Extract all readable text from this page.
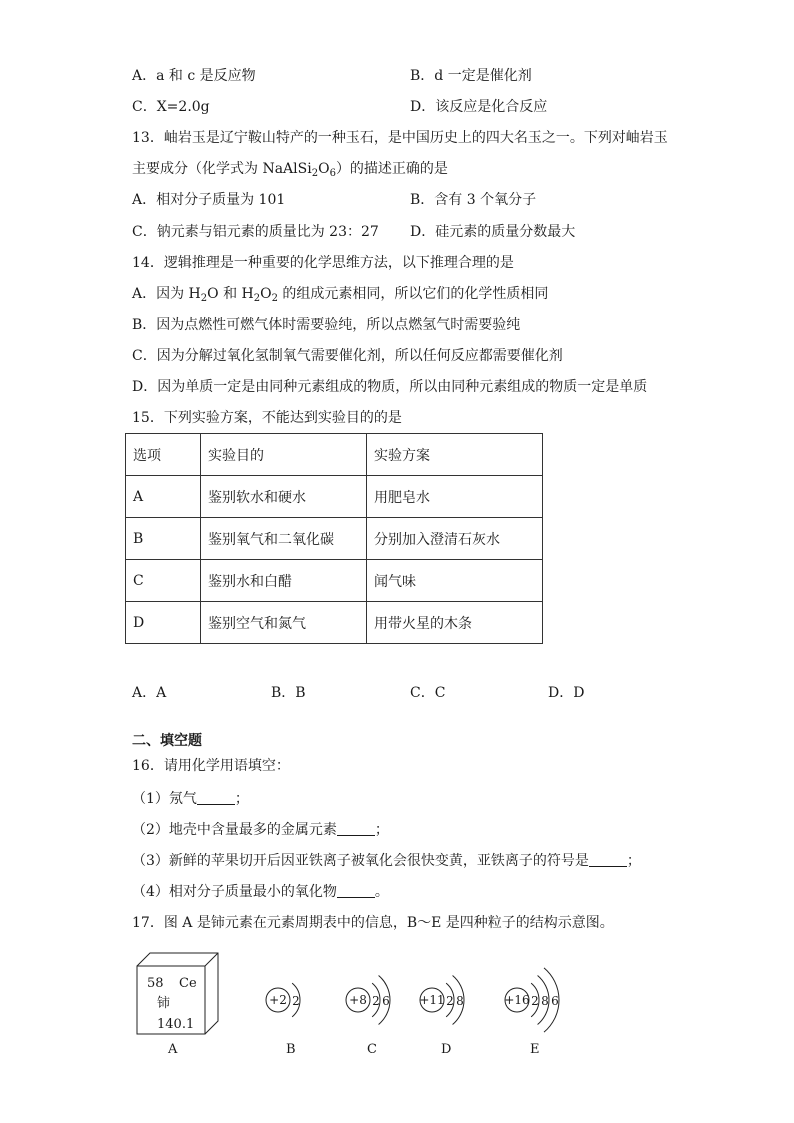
A．a 和 c 是反应物	B．d 一定是催化剂
C．X=2.0g	D．该反应是化合反应
13．岫岩玉是辽宁鞍山特产的一种玉石，是中国历史上的四大名玉之一。下列对岫岩玉
主要成分（化学式为 $NaAlSi_2O_6$）的描述正确的是
A．相对分子质量为 101	B．含有 3 个氧分子
C．钠元素与铝元素的质量比为 23：27 D．硅元素的质量分数最大
14．逻辑推理是一种重要的化学思维方法，以下推理合理的是
A．因为 $H_2O$ 和 $H_2O_2$ 的组成元素相同，所以它们的化学性质相同
B．因为点燃性可燃气体时需要验纯，所以点燃氢气时需要验纯
C．因为分解过氧化氢制氧气需要催化剂，所以任何反应都需要催化剂
D．因为单质一定是由同种元素组成的物质，所以由同种元素组成的物质一定是单质
15．下列实验方案，不能达到实验目的的是
选项	实验目的	实验方案
A	鉴别软水和硬水	用肥皂水
B	鉴别氧气和二氧化碳	分别加入澄清石灰水
C	鉴别水和白醋	闻气味
D	鉴别空气和氮气	用带火星的木条
A．A	B．B	C．C	D．D
二、填空题
16．请用化学用语填空：
（1）氖气	；
（2）地壳中含量最多的金属元素	；
（3）新鲜的苹果切开后因亚铁离子被氧化会很快变黄，亚铁离子的符号是	；
（4）相对分子质量最小的氧化物	。
17．图 A 是铈元素在元素周期表中的信息，B～E 是四种粒子的结构示意图。
58 Ce
铈
140.1
+2 2	+8 2 6 +11 2 8	+16 2 8 6
A	B	C	D	E
